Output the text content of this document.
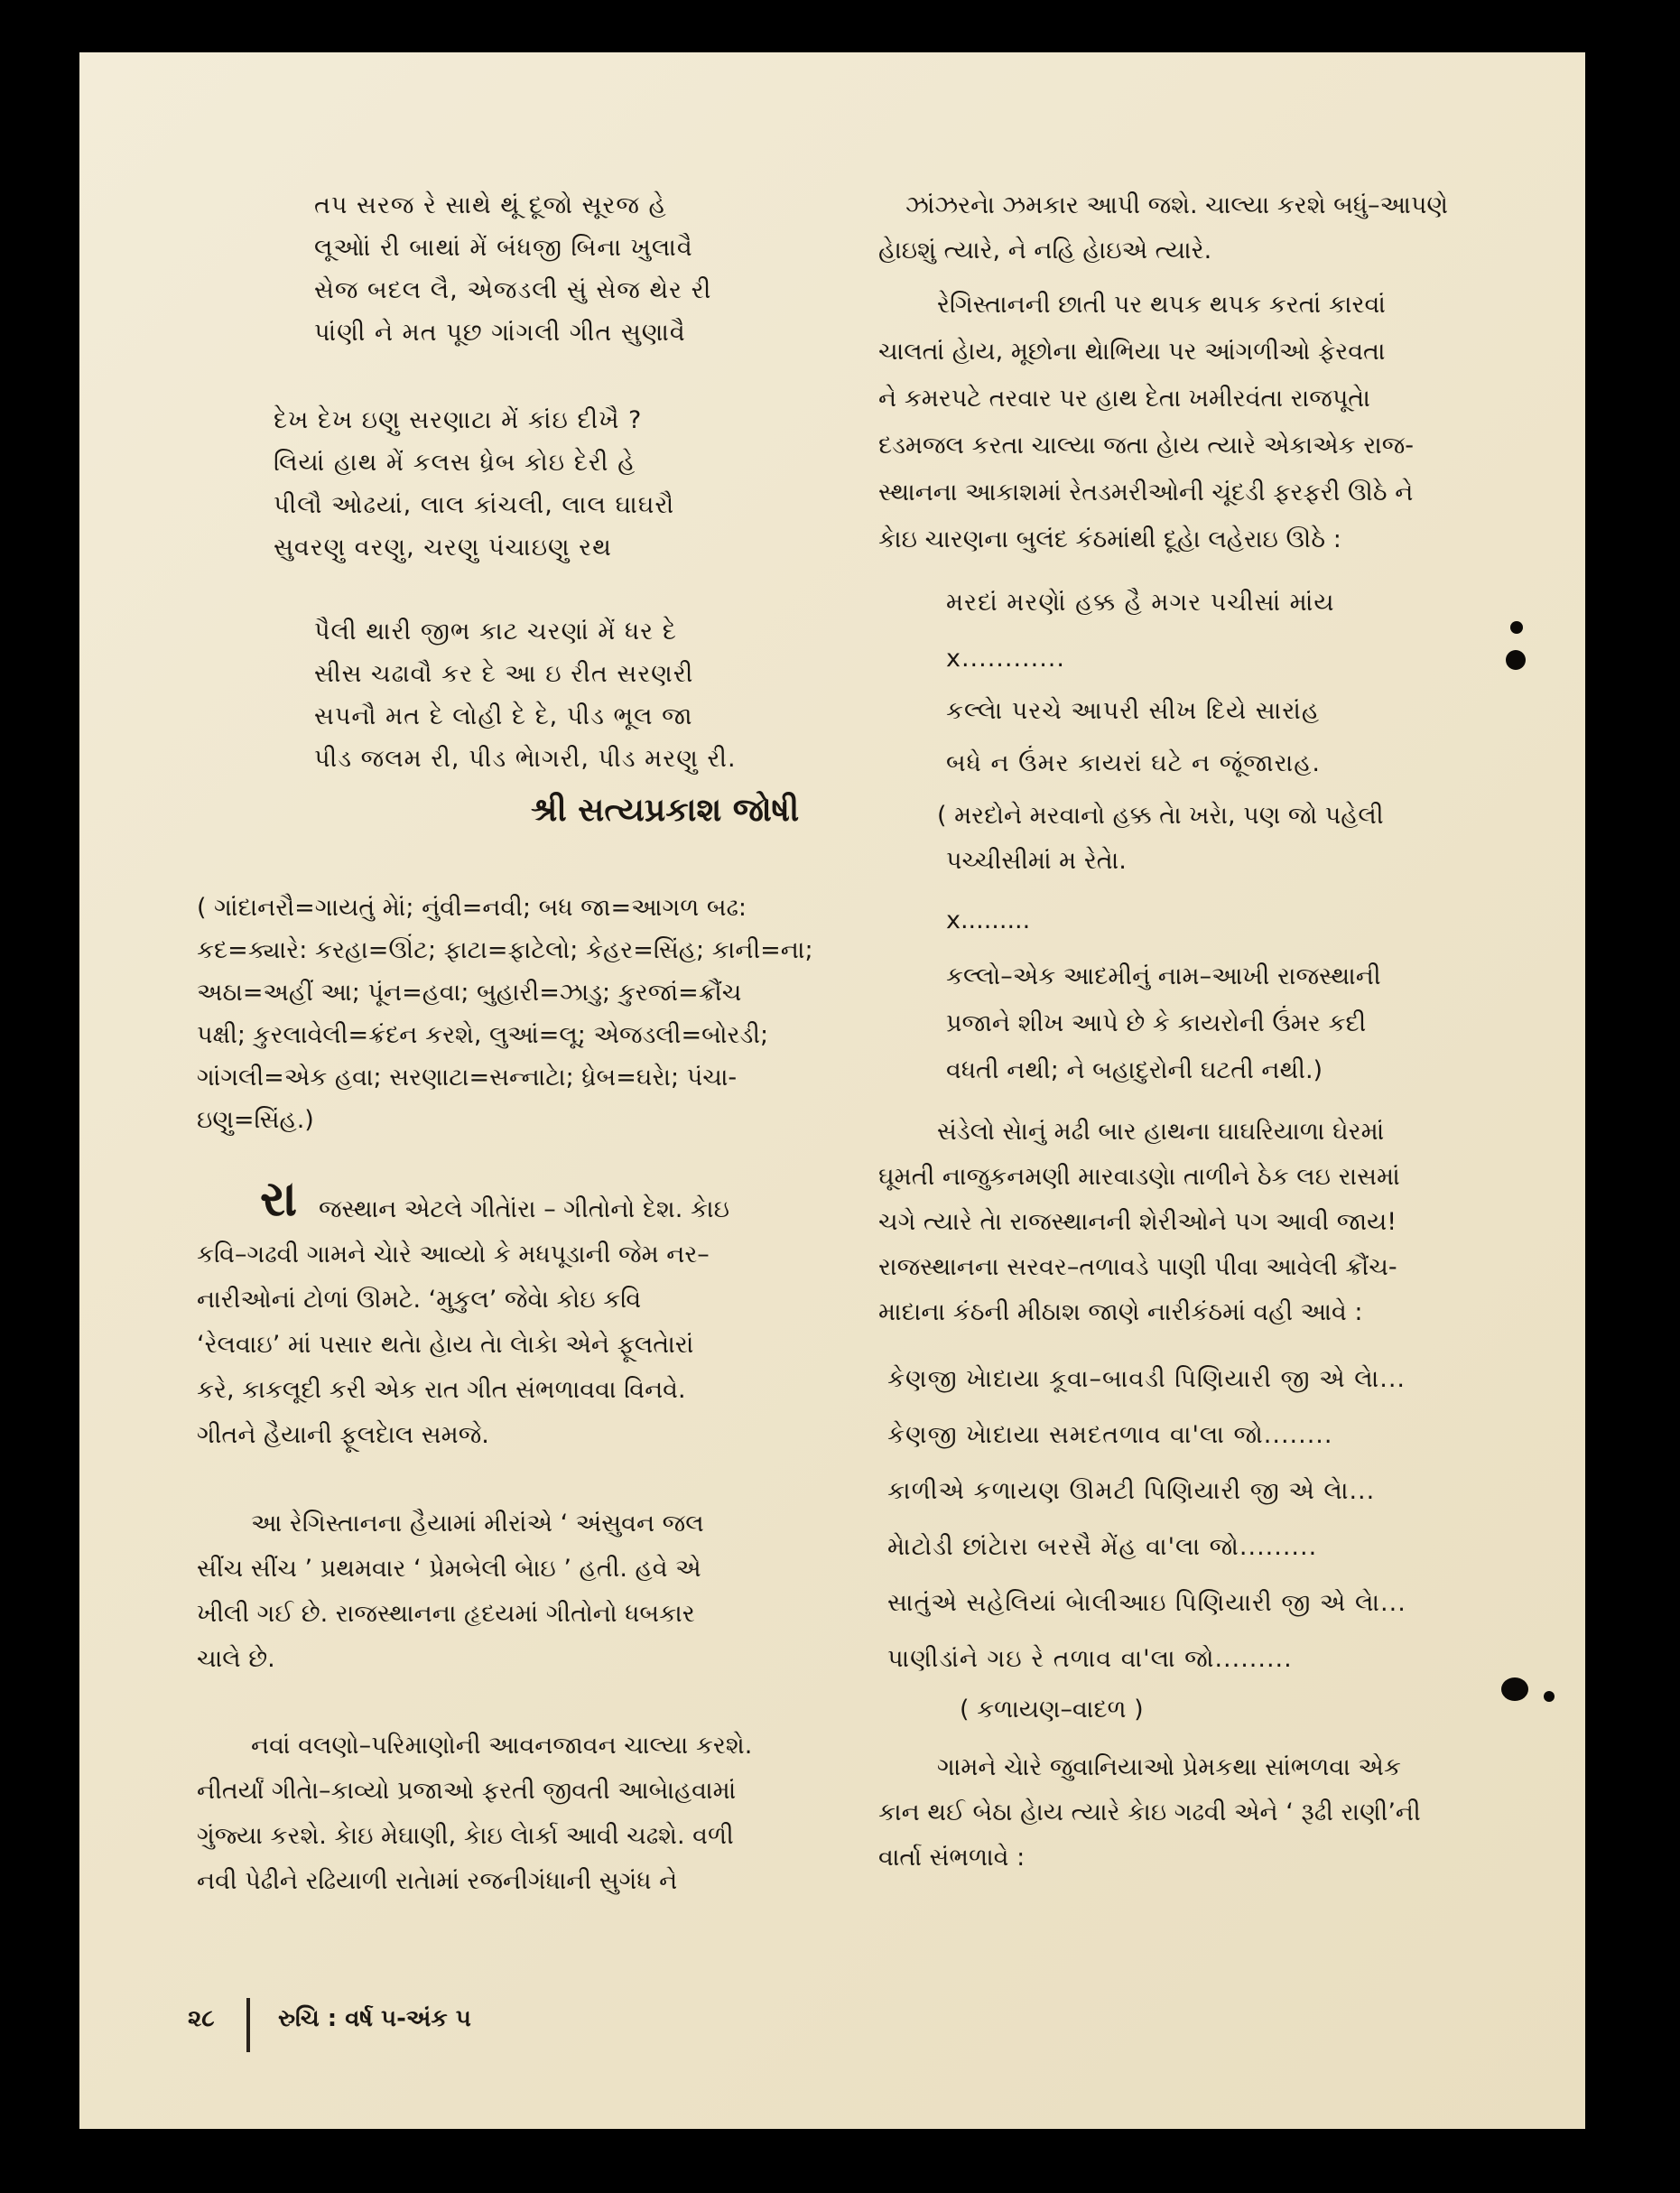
તપ સરજ રે સાથે થૂં દૂજો સૂરજ હે
લૂઓાં રી બાથાં મેં બંધજી બિના ખુલાવૈ
સેજ બદલ લૈ, એજડલી સું સેજ થેર રી
પાંણી ને મત પૂછ ગાંગલી ગીત સુણાવૈ
દેખ દેખ ઇણુ સરણાટા મેં કાંઇ દીખૈ ?
લિયાં હાથ મેં કલસ ધ્રેબ કોઇ દેરી હે
પીલૌ ઓઢયાં, લાલ કાંચલી, લાલ ઘાઘરૌ
સુવરણુ વરણુ, ચરણુ પંચાઇણુ રથ
પૈલી થારી જીભ કાટ ચરણાં મેં ધર દે
સીસ ચઢાવૌ કર દે આ ઇ રીત સરણરી
સપનૌ મત દે લોહી દે દે, પીડ ભૂલ જા
પીડ જલમ રી, પીડ ભેાગરી, પીડ મરણુ રી.
શ્રી સત્યપ્રકાશ જોષી
( ગાંદાનરૌ=ગાયતું મેાં; નુંવી=નવી; બધ જા=આગળ બઢ:
કદ=ક્યારે: કરહા=ઊંટ; ફાટા=ફાટેલો; કેહર=સિંહ; કાની=ના;
અઠા=અહીં આ; પૂંન=હવા; બુહારી=ઝાડુ; કુરજાં=ક્રૌંચ
પક્ષી; કુરલાવેલી=ક્રંદન કરશે, લુઆં=લૂ; એજડલી=બોરડી;
ગાંગલી=એક હવા; સરણાટા=સન્નાટેા; ધ્રેબ=ઘરેા; પંચા-
ઇણુ=સિંહ.)
રા જસ્થાન એટલે ગીતેાંરા – ગીતોનો દેશ. કેાઇ
કવિ–ગઢવી ગામને ચેારે આવ્યો કે મધપૂડાની જેમ નર–
નારીઓનાં ટોળાં ઊમટે. ‘મુકુલ’ જેવેા કોઇ કવિ
‘રેલવાઇ’ માં પસાર થતેા હેાય તેા લેાકેા એને ફૂલતેારાં
કરે, કાકલૂદી કરી એક રાત ગીત સંભળાવવા વિનવે.
ગીતને હૈયાની ફૂલદેાલ સમજે.
આ રેગિસ્તાનના હૈયામાં મીરાંએ ‘ અંસુવન જલ
સીંચ સીંચ ’ પ્રથમવાર ‘ પ્રેમબેલી બેાઇ ’ હતી. હવે એ
ખીલી ગઈ છે. રાજસ્થાનના હૃદયમાં ગીતોનો ધબકાર
ચાલે છે.
નવાં વલણો–પરિમાણોની આવનજાવન ચાલ્યા કરશે.
નીતર્યાં ગીતેા–કાવ્યો પ્રજાઓ ફરતી જીવતી આબેાહવામાં
ગુંજ્યા કરશે. કેાઇ મેઘાણી, કેાઇ લેાર્કા આવી ચઢશે. વળી
નવી પેઢીને રઢિયાળી રાતેામાં રજનીગંધાની સુગંધ ને
ઝાંઝરનેા ઝમકાર આપી જશે. ચાલ્યા કરશે બધું–આપણે
હેાઇશું ત્યારે, ને નહિ હેાઇએ ત્યારે.
રેગિસ્તાનની છાતી પર થપક થપક કરતાં કારવાં
ચાલતાં હેાય, મૂછોના થેાભિયા પર આંગળીઓ ફેરવતા
ને કમરપટે તરવાર પર હાથ દેતા ખમીરવંતા રાજપૂતેા
દડમજલ કરતા ચાલ્યા જતા હેાય ત્યારે એકાએક રાજ-
સ્થાનના આકાશમાં રેતડમરીઓની ચૂંદડી ફરફરી ઊઠે ને
કેાઇ ચારણના બુલંદ કંઠમાંથી દૂહેા લહેરાઇ ઊઠે :
મરદાં મરણેાં હક્ક હૈ મગર પચીસાં માંય
x............
કલ્લેા પરચે આપરી સીખ દિયે સારાંહ
બધે ન ઉંમર કાયરાં ઘટે ન જૂંજારાહ.
( મરદોને મરવાનો હક્ક તેા ખરેા, પણ જો પહેલી
પચ્ચીસીમાં મ રેતેા.
x.........
કલ્લો–એક આદમીનું નામ–આખી રાજસ્થાની
પ્રજાને શીખ આપે છે કે કાયરોની ઉંમર કદી
વધતી નથી; ને બહાદુરોની ઘટતી નથી.)
સંડેલો સેાનું મઢી બાર હાથના ઘાઘરિયાળા ઘેરમાં
ઘૂમતી નાજુકનમણી મારવાડણેા તાળીને ઠેક લઇ રાસમાં
ચગે ત્યારે તેા રાજસ્થાનની શેરીઓને પગ આવી જાય!
રાજસ્થાનના સરવર–તળાવડે પાણી પીવા આવેલી ક્રૌંચ-
માદાના કંઠની મીઠાશ જાણે નારીકંઠમાં વહી આવે :
કેણજી ખેાદાયા કૂવા–બાવડી પિણિયારી જી એ લેા...
કેણજી ખેાદાયા સમદતળાવ વા'લા જો........
કાળીએ કળાયણ ઊમટી પિણિયારી જી એ લેા...
મેાટોડી છાંટેારા બરસૈ મેંહ વા'લા જો.........
સાતુંએ સહેલિયાં બેાલીઆઇ પિણિયારી જી એ લેા...
પાણીડાંને ગઇ રે તળાવ વા'લા જો.........
( કળાયણ–વાદળ )
ગામને ચેારે જુવાનિયાઓ પ્રેમકથા સાંભળવા એક
કાન થઈ બેઠા હેાય ત્યારે કેાઇ ગઢવી એને ‘ રૂઢી રાણી’ની
વાર્તા સંભળાવે :
૨૮	રુચિ : વર્ષ ૫-અંક ૫
